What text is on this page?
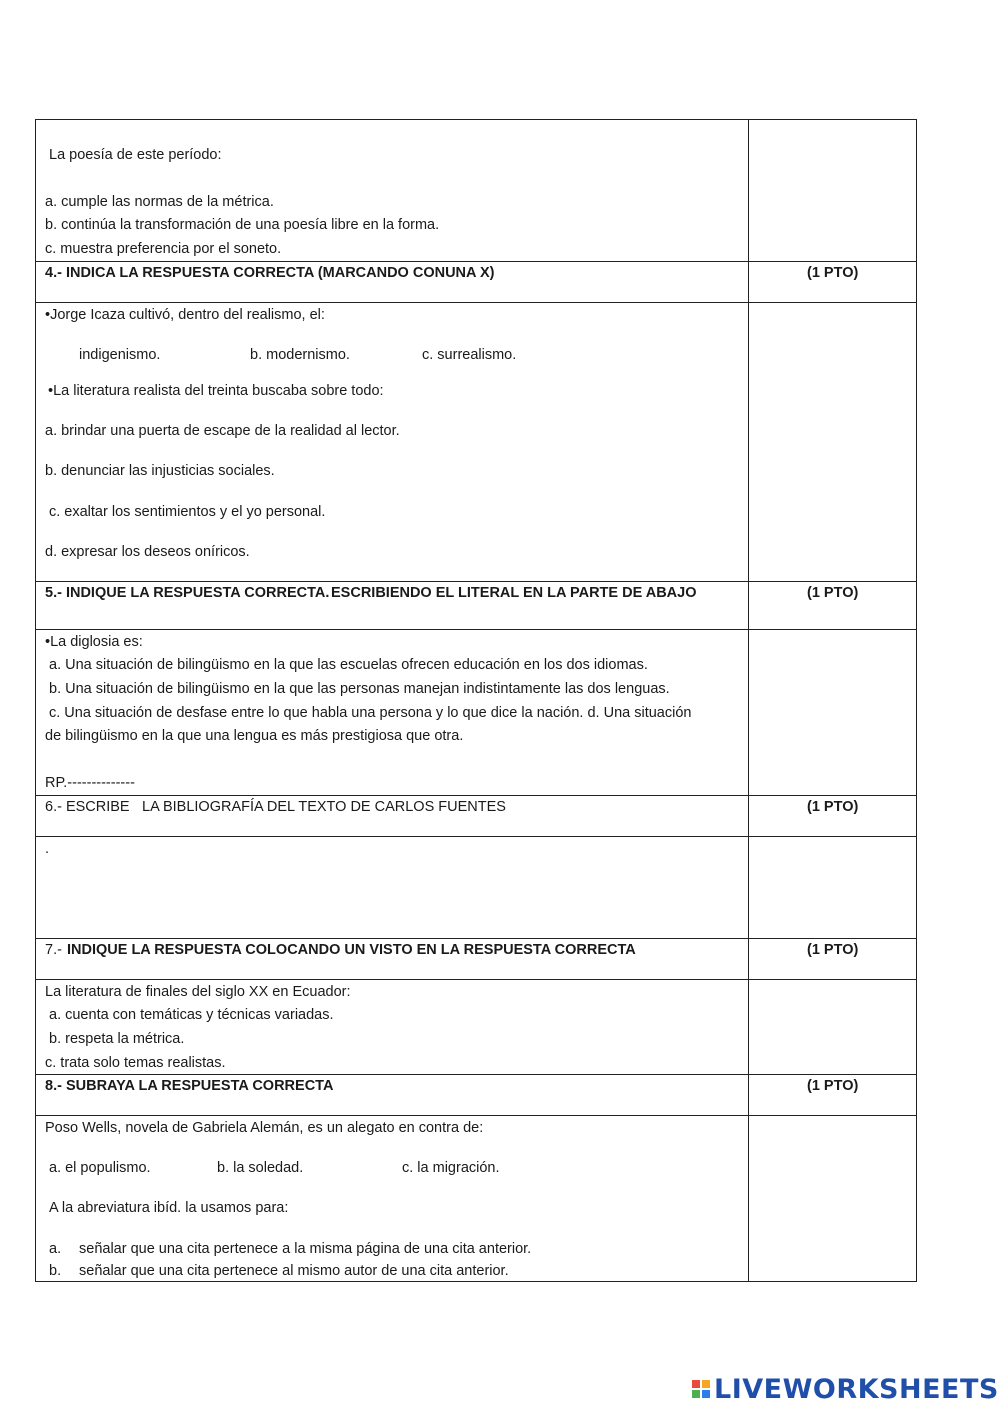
La poesía de este período:
a. cumple las normas de la métrica.
b. continúa la transformación de una poesía libre en la forma.
c. muestra preferencia por el soneto.
4.- INDICA LA RESPUESTA CORRECTA (MARCANDO CONUNA X)	(1 PTO)
•Jorge Icaza cultivó, dentro del realismo, el:
indigenismo.	b. modernismo.	c. surrealismo.
•La literatura realista del treinta buscaba sobre todo:
a. brindar una puerta de escape de la realidad al lector.
b. denunciar las injusticias sociales.
c. exaltar los sentimientos y el yo personal.
d. expresar los deseos oníricos.
5.- INDIQUE LA RESPUESTA CORRECTA. ESCRIBIENDO EL LITERAL EN LA PARTE DE ABAJO	(1 PTO)
•La diglosia es:
a. Una situación de bilingüismo en la que las escuelas ofrecen educación en los dos idiomas.
b. Una situación de bilingüismo en la que las personas manejan indistintamente las dos lenguas.
c. Una situación de desfase entre lo que habla una persona y lo que dice la nación. d. Una situación
de bilingüismo en la que una lengua es más prestigiosa que otra.
RP.--------------
6.- ESCRIBE LA BIBLIOGRAFÍA DEL TEXTO DE CARLOS FUENTES	(1 PTO)
.
7.- INDIQUE LA RESPUESTA COLOCANDO UN VISTO EN LA RESPUESTA CORRECTA	(1 PTO)
La literatura de finales del siglo XX en Ecuador:
a. cuenta con temáticas y técnicas variadas.
b. respeta la métrica.
c. trata solo temas realistas.
8.- SUBRAYA LA RESPUESTA CORRECTA	(1 PTO)
Poso Wells, novela de Gabriela Alemán, es un alegato en contra de:
a. el populismo.	b. la soledad.	c. la migración.
A la abreviatura ibíd. la usamos para:
a. señalar que una cita pertenece a la misma página de una cita anterior.
b. señalar que una cita pertenece al mismo autor de una cita anterior.
LIVEWORKSHEETS
